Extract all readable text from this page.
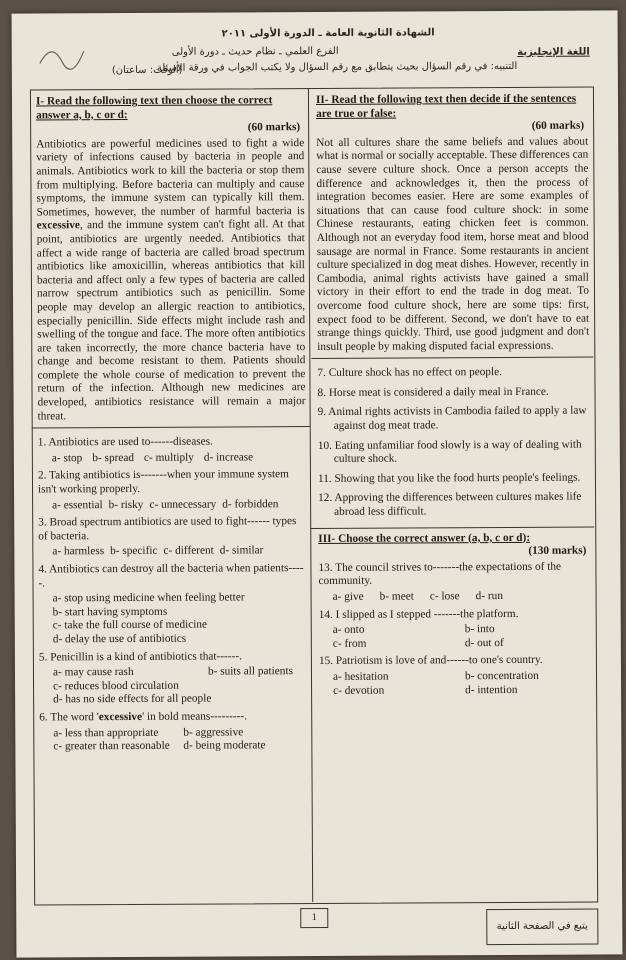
الشهادة الثانوية العامة ـ الدورة الأولى ٢٠١١
الفرع العلمي ـ نظام حديث ـ دورة الأولى
التنبيه: في رقم السؤال بحيث يتطابق مع رقم السؤال ولا يكتب الجواب في ورقة الأسئلة
اللغة الإنجليزية
(الوقت: ساعتان)

I- Read the following text then choose the correct answer a, b, c or d:

(60 marks)

Antibiotics are powerful medicines used to fight a wide variety of infections caused by bacteria in people and animals. Antibiotics work to kill the bacteria or stop them from multiplying. Before bacteria can multiply and cause symptoms, the immune system can typically kill them. Sometimes, however, the number of harmful bacteria is excessive, and the immune system can't fight all. At that point, antibiotics are urgently needed. Antibiotics that affect a wide range of bacteria are called broad spectrum antibiotics like amoxicillin, whereas antibiotics that kill bacteria and affect only a few types of bacteria are called narrow spectrum antibiotics such as penicillin. Some people may develop an allergic reaction to antibiotics, especially penicillin. Side effects might include rash and swelling of the tongue and face. The more often antibiotics are taken incorrectly, the more chance bacteria have to change and become resistant to them. Patients should complete the whole course of medication to prevent the return of the infection. Although new medicines are developed, antibiotics resistance will remain a major threat.

1. Antibiotics are used to------diseases.

a- stop b- spread c- multiply d- increase

2. Taking antibiotics is-------when your immune system isn't working properly.

a- essential b- risky c- unnecessary d- forbidden

3. Broad spectrum antibiotics are used to fight------ types of bacteria.

a- harmless b- specific c- different d- similar

4. Antibiotics can destroy all the bacteria when patients-----.

a- stop using medicine when feeling better
b- start having symptoms
c- take the full course of medicine
d- delay the use of antibiotics

5. Penicillin is a kind of antibiotics that------.

a- may cause rash	b- suits all patients
c- reduces blood circulation
d- has no side effects for all people

6. The word 'excessive' in bold means---------.

a- less than appropriate	b- aggressive
c- greater than reasonable	d- being moderate

II- Read the following text then decide if the sentences are true or false:

(60 marks)

Not all cultures share the same beliefs and values about what is normal or socially acceptable. These differences can cause severe culture shock. Once a person accepts the difference and acknowledges it, then the process of integration becomes easier. Here are some examples of situations that can cause food culture shock: in some Chinese restaurants, eating chicken feet is common. Although not an everyday food item, horse meat and blood sausage are normal in France. Some restaurants in ancient culture specialized in dog meat dishes. However, recently in Cambodia, animal rights activists have gained a small victory in their effort to end the trade in dog meat. To overcome food culture shock, here are some tips: first, expect food to be different. Second, we don't have to eat strange things quickly. Third, use good judgment and don't insult people by making disputed facial expressions.

7. Culture shock has no effect on people.

8. Horse meat is considered a daily meal in France.

9. Animal rights activists in Cambodia failed to apply a law against dog meat trade.

10. Eating unfamiliar food slowly is a way of dealing with culture shock.

11. Showing that you like the food hurts people's feelings.

12. Approving the differences between cultures makes life abroad less difficult.

III- Choose the correct answer (a, b, c or d):

(130 marks)

13. The council strives to-------the expectations of the community.

a- give b- meet c- lose d- run

14. I slipped as I stepped -------the platform.

a- onto	b- into
c- from	d- out of

15. Patriotism is love of and------to one's country.

a- hesitation	b- concentration
c- devotion	d- intention
1
يتبع في الصفحة الثانية
